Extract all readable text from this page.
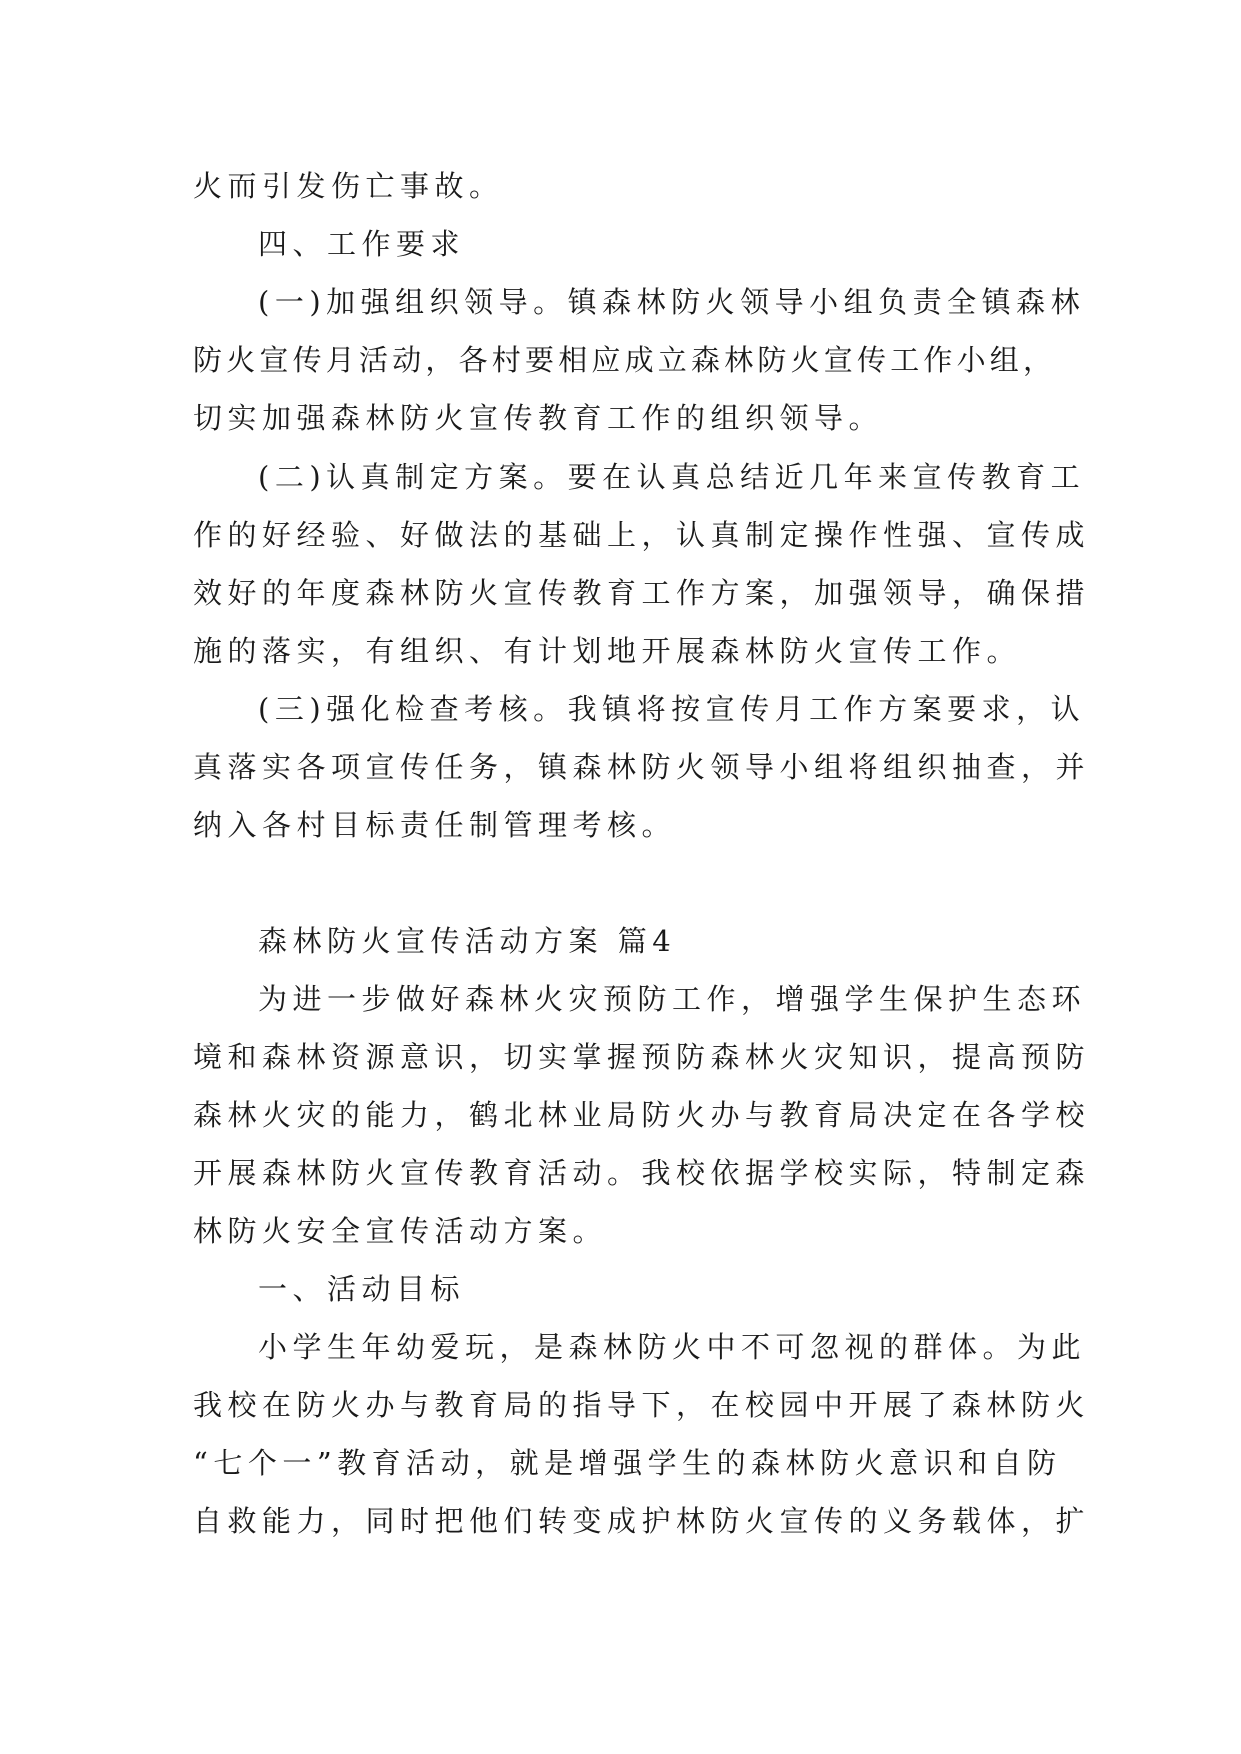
火而引发伤亡事故。
四、工作要求
(一)加强组织领导。镇森林防火领导小组负责全镇森林
防火宣传月活动，各村要相应成立森林防火宣传工作小组，
切实加强森林防火宣传教育工作的组织领导。
(二)认真制定方案。要在认真总结近几年来宣传教育工
作的好经验、好做法的基础上，认真制定操作性强、宣传成
效好的年度森林防火宣传教育工作方案，加强领导，确保措
施的落实，有组织、有计划地开展森林防火宣传工作。
(三)强化检查考核。我镇将按宣传月工作方案要求，认
真落实各项宣传任务，镇森林防火领导小组将组织抽查，并
纳入各村目标责任制管理考核。
森林防火宣传活动方案 篇4
为进一步做好森林火灾预防工作，增强学生保护生态环
境和森林资源意识，切实掌握预防森林火灾知识，提高预防
森林火灾的能力，鹤北林业局防火办与教育局决定在各学校
开展森林防火宣传教育活动。我校依据学校实际，特制定森
林防火安全宣传活动方案。
一、活动目标
小学生年幼爱玩，是森林防火中不可忽视的群体。为此
我校在防火办与教育局的指导下，在校园中开展了森林防火
“七个一”教育活动，就是增强学生的森林防火意识和自防
自救能力，同时把他们转变成护林防火宣传的义务载体，扩
